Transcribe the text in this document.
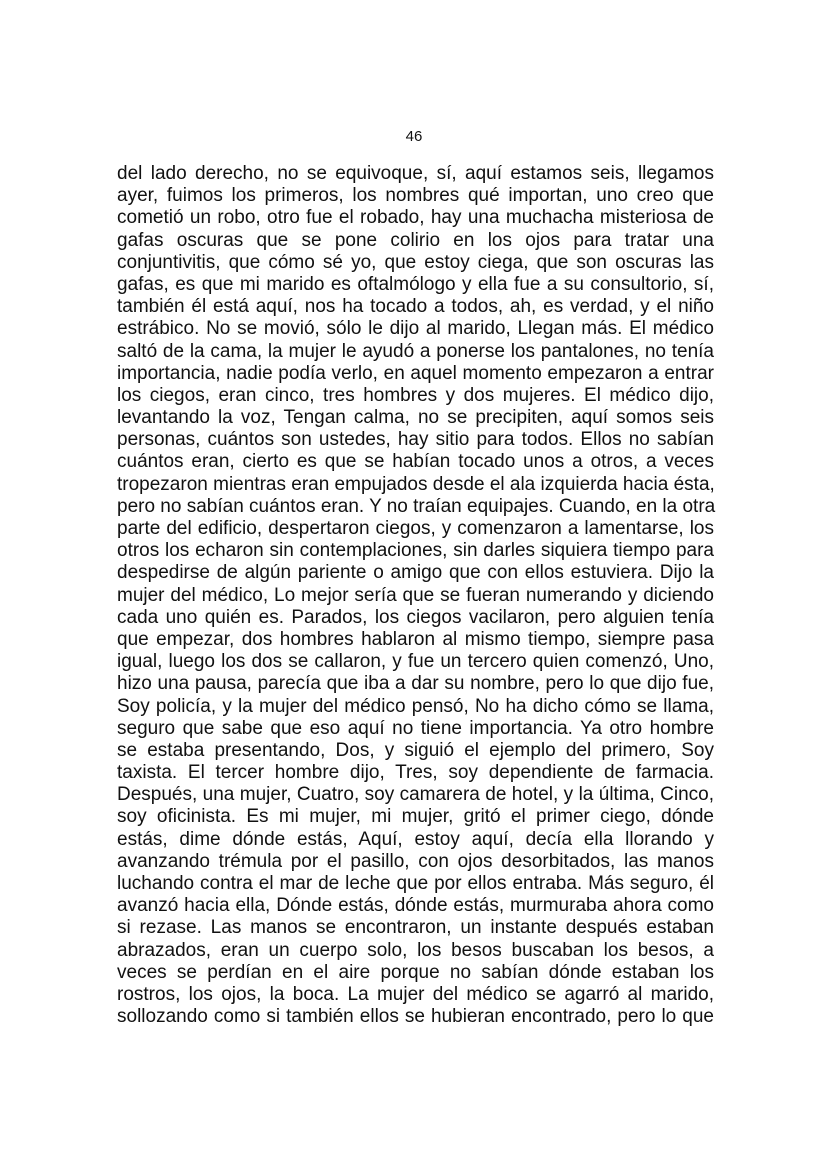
46
del lado derecho, no se equivoque, sí, aquí estamos seis, llegamos
ayer, fuimos los primeros, los nombres qué importan, uno creo que
cometió un robo, otro fue el robado, hay una muchacha misteriosa de
gafas oscuras que se pone colirio en los ojos para tratar una
conjuntivitis, que cómo sé yo, que estoy ciega, que son oscuras las
gafas, es que mi marido es oftalmólogo y ella fue a su consultorio, sí,
también él está aquí, nos ha tocado a todos, ah, es verdad, y el niño
estrábico. No se movió, sólo le dijo al marido, Llegan más. El médico
saltó de la cama, la mujer le ayudó a ponerse los pantalones, no tenía
importancia, nadie podía verlo, en aquel momento empezaron a entrar
los ciegos, eran cinco, tres hombres y dos mujeres. El médico dijo,
levantando la voz, Tengan calma, no se precipiten, aquí somos seis
personas, cuántos son ustedes, hay sitio para todos. Ellos no sabían
cuántos eran, cierto es que se habían tocado unos a otros, a veces
tropezaron mientras eran empujados desde el ala izquierda hacia ésta,
pero no sabían cuántos eran. Y no traían equipajes. Cuando, en la otra
parte del edificio, despertaron ciegos, y comenzaron a lamentarse, los
otros los echaron sin contemplaciones, sin darles siquiera tiempo para
despedirse de algún pariente o amigo que con ellos estuviera. Dijo la
mujer del médico, Lo mejor sería que se fueran numerando y diciendo
cada uno quién es. Parados, los ciegos vacilaron, pero alguien tenía
que empezar, dos hombres hablaron al mismo tiempo, siempre pasa
igual, luego los dos se callaron, y fue un tercero quien comenzó, Uno,
hizo una pausa, parecía que iba a dar su nombre, pero lo que dijo fue,
Soy policía, y la mujer del médico pensó, No ha dicho cómo se llama,
seguro que sabe que eso aquí no tiene importancia. Ya otro hombre
se estaba presentando, Dos, y siguió el ejemplo del primero, Soy
taxista. El tercer hombre dijo, Tres, soy dependiente de farmacia.
Después, una mujer, Cuatro, soy camarera de hotel, y la última, Cinco,
soy oficinista. Es mi mujer, mi mujer, gritó el primer ciego, dónde
estás, dime dónde estás, Aquí, estoy aquí, decía ella llorando y
avanzando trémula por el pasillo, con ojos desorbitados, las manos
luchando contra el mar de leche que por ellos entraba. Más seguro, él
avanzó hacia ella, Dónde estás, dónde estás, murmuraba ahora como
si rezase. Las manos se encontraron, un instante después estaban
abrazados, eran un cuerpo solo, los besos buscaban los besos, a
veces se perdían en el aire porque no sabían dónde estaban los
rostros, los ojos, la boca. La mujer del médico se agarró al marido,
sollozando como si también ellos se hubieran encontrado, pero lo que
